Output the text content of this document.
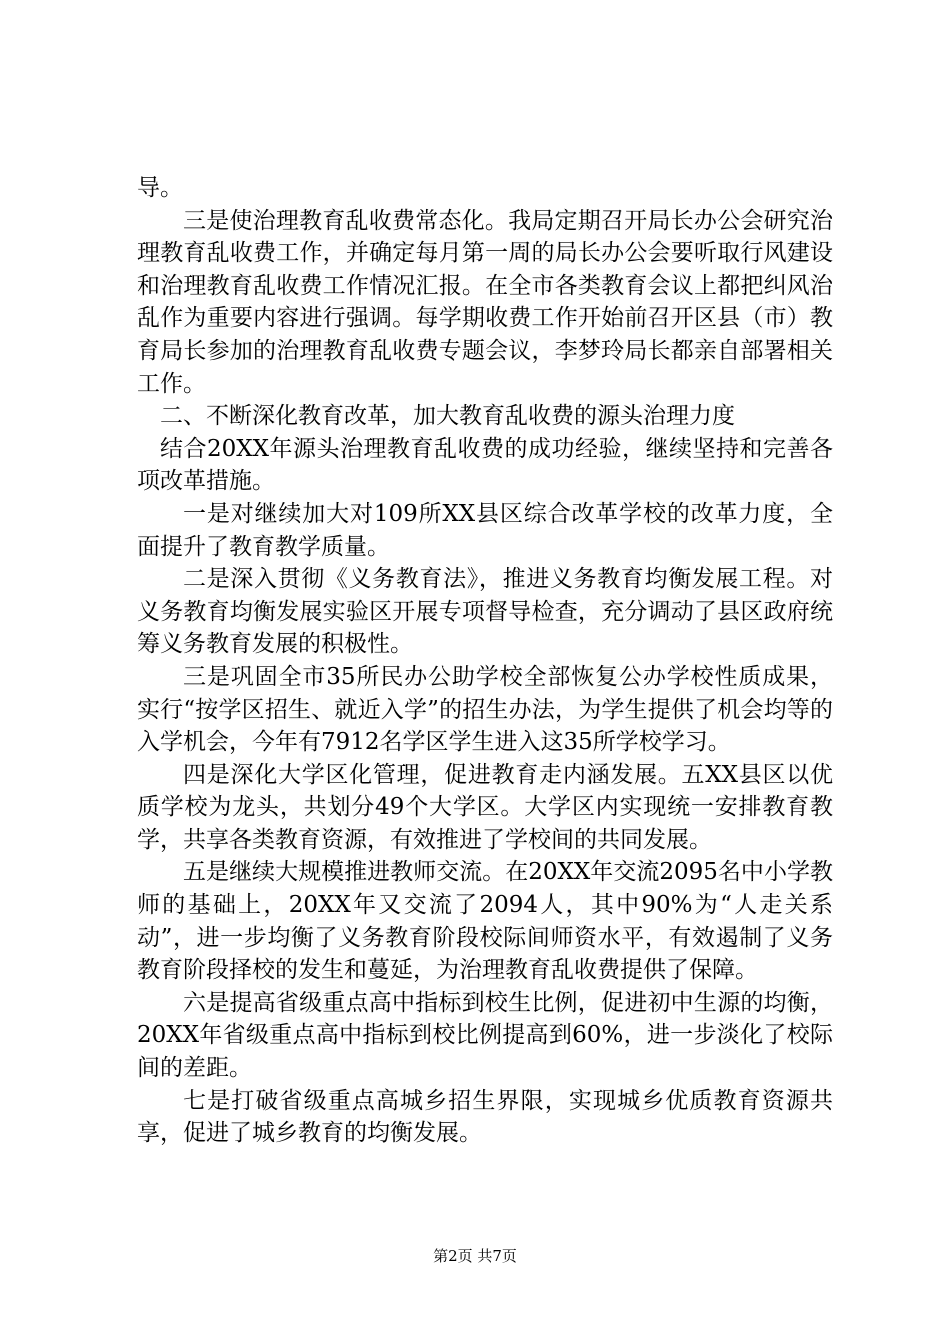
导。

三是使治理教育乱收费常态化。我局定期召开局长办公会研究治理教育乱收费工作，并确定每月第一周的局长办公会要听取行风建设和治理教育乱收费工作情况汇报。在全市各类教育会议上都把纠风治乱作为重要内容进行强调。每学期收费工作开始前召开区县（市）教育局长参加的治理教育乱收费专题会议，李梦玲局长都亲自部署相关工作。

二、不断深化教育改革，加大教育乱收费的源头治理力度

结合20XX年源头治理教育乱收费的成功经验，继续坚持和完善各项改革措施。

一是对继续加大对109所XX县区综合改革学校的改革力度，全面提升了教育教学质量。

二是深入贯彻《义务教育法》，推进义务教育均衡发展工程。对义务教育均衡发展实验区开展专项督导检查，充分调动了县区政府统筹义务教育发展的积极性。

三是巩固全市35所民办公助学校全部恢复公办学校性质成果，实行“按学区招生、就近入学”的招生办法，为学生提供了机会均等的入学机会，今年有7912名学区学生进入这35所学校学习。

四是深化大学区化管理，促进教育走内涵发展。五XX县区以优质学校为龙头，共划分49个大学区。大学区内实现统一安排教育教学，共享各类教育资源，有效推进了学校间的共同发展。

五是继续大规模推进教师交流。在20XX年交流2095名中小学教师的基础上，20XX年又交流了2094人，其中90%为“人走关系动”，进一步均衡了义务教育阶段校际间师资水平，有效遏制了义务教育阶段择校的发生和蔓延，为治理教育乱收费提供了保障。

六是提高省级重点高中指标到校生比例，促进初中生源的均衡，20XX年省级重点高中指标到校比例提高到60%，进一步淡化了校际间的差距。

七是打破省级重点高城乡招生界限，实现城乡优质教育资源共享，促进了城乡教育的均衡发展。

第2页 共7页
